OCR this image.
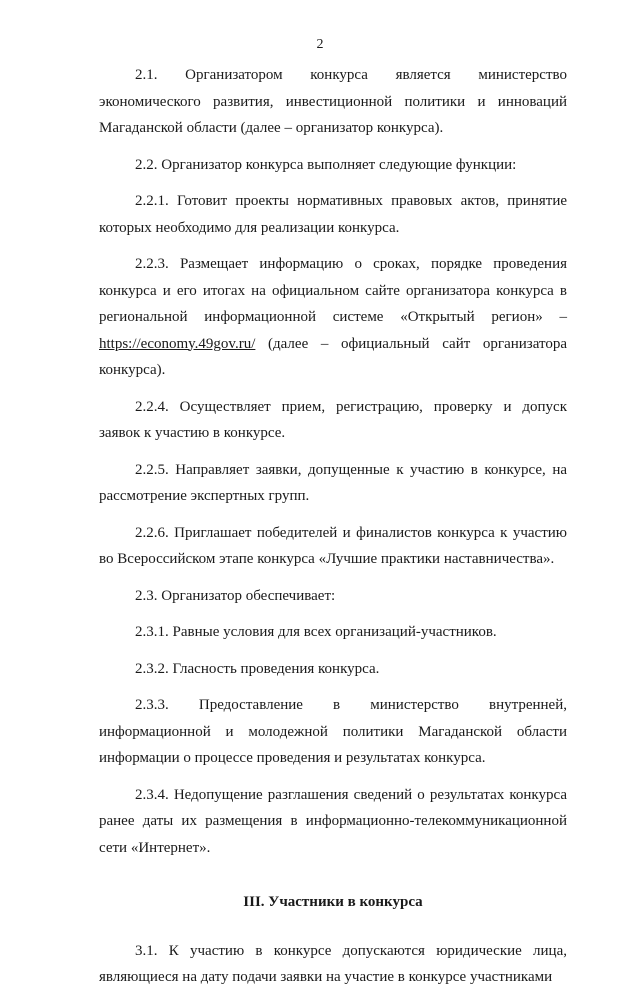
2

2.1. Организатором конкурса является министерство экономического развития, инвестиционной политики и инноваций Магаданской области (далее – организатор конкурса).

2.2. Организатор конкурса выполняет следующие функции:

2.2.1. Готовит проекты нормативных правовых актов, принятие которых необходимо для реализации конкурса.

2.2.3. Размещает информацию о сроках, порядке проведения конкурса и его итогах на официальном сайте организатора конкурса в региональной информационной системе «Открытый регион» – https://economy.49gov.ru/ (далее – официальный сайт организатора конкурса).

2.2.4. Осуществляет прием, регистрацию, проверку и допуск заявок к участию в конкурсе.

2.2.5. Направляет заявки, допущенные к участию в конкурсе, на рассмотрение экспертных групп.

2.2.6. Приглашает победителей и финалистов конкурса к участию во Всероссийском этапе конкурса «Лучшие практики наставничества».

2.3. Организатор обеспечивает:

2.3.1. Равные условия для всех организаций-участников.

2.3.2. Гласность проведения конкурса.

2.3.3. Предоставление в министерство внутренней, информационной и молодежной политики Магаданской области информации о процессе проведения и результатах конкурса.

2.3.4. Недопущение разглашения сведений о результатах конкурса ранее даты их размещения в информационно-телекоммуникационной сети «Интернет».

III. Участники в конкурса

3.1. К участию в конкурсе допускаются юридические лица, являющиеся на дату подачи заявки на участие в конкурсе участниками
